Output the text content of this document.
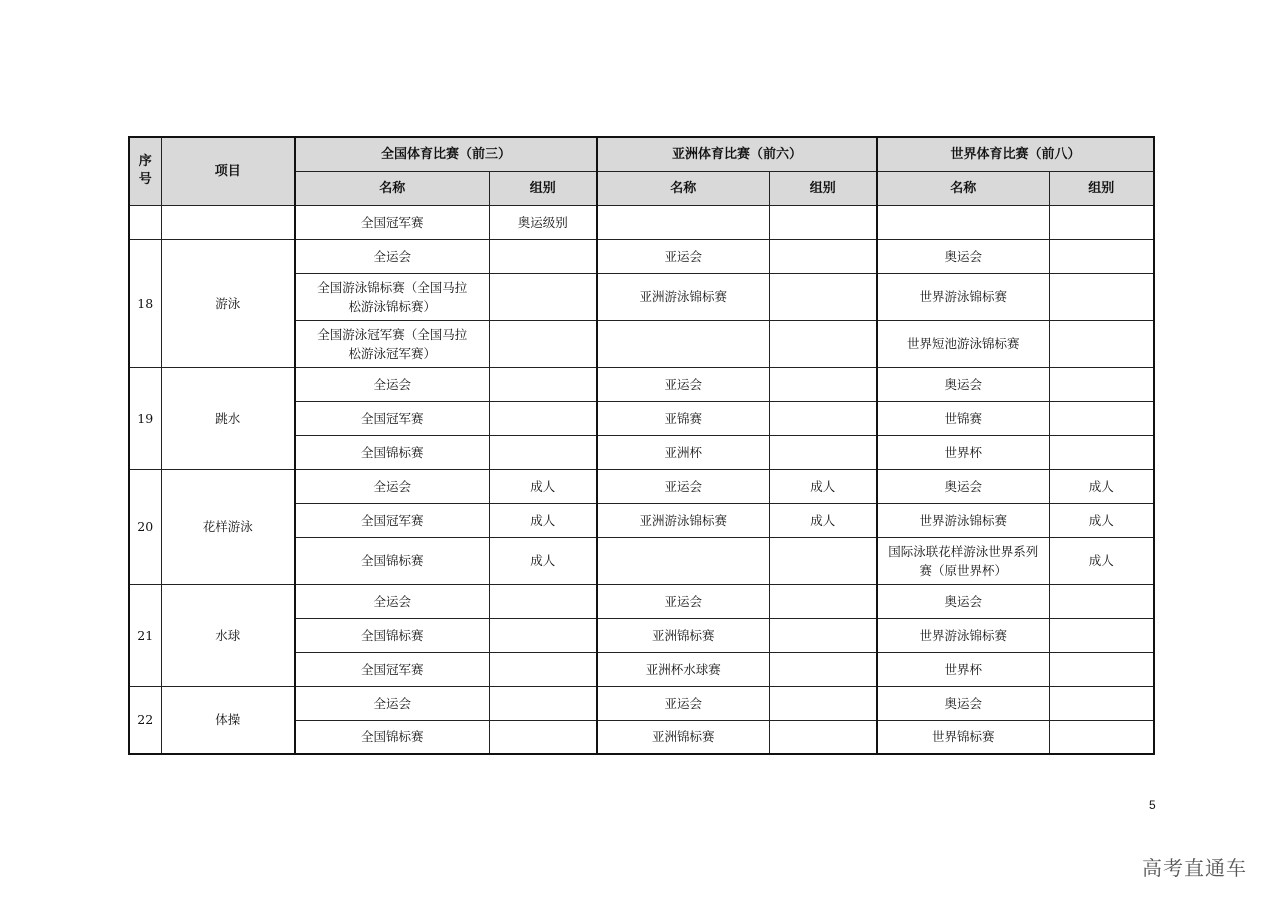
序号	项目	全国体育比赛（前三）		亚洲体育比赛（前六）		世界体育比赛（前八）	
		名称	组别	名称	组别	名称	组别
		全国冠军赛	奥运级别				
18	游泳	全运会		亚运会		奥运会	
		全国游泳锦标赛（全国马拉松游泳锦标赛）		亚洲游泳锦标赛		世界游泳锦标赛	
		全国游泳冠军赛（全国马拉松游泳冠军赛）				世界短池游泳锦标赛	
19	跳水	全运会		亚运会		奥运会	
		全国冠军赛		亚锦赛		世锦赛	
		全国锦标赛		亚洲杯		世界杯	
20	花样游泳	全运会	成人	亚运会	成人	奥运会	成人
		全国冠军赛	成人	亚洲游泳锦标赛	成人	世界游泳锦标赛	成人
		全国锦标赛	成人			国际泳联花样游泳世界系列赛（原世界杯）	成人
21	水球	全运会		亚运会		奥运会	
		全国锦标赛		亚洲锦标赛		世界游泳锦标赛	
		全国冠军赛		亚洲杯水球赛		世界杯	
22	体操	全运会		亚运会		奥运会	
		全国锦标赛		亚洲锦标赛		世界锦标赛	
5
高考直通车
